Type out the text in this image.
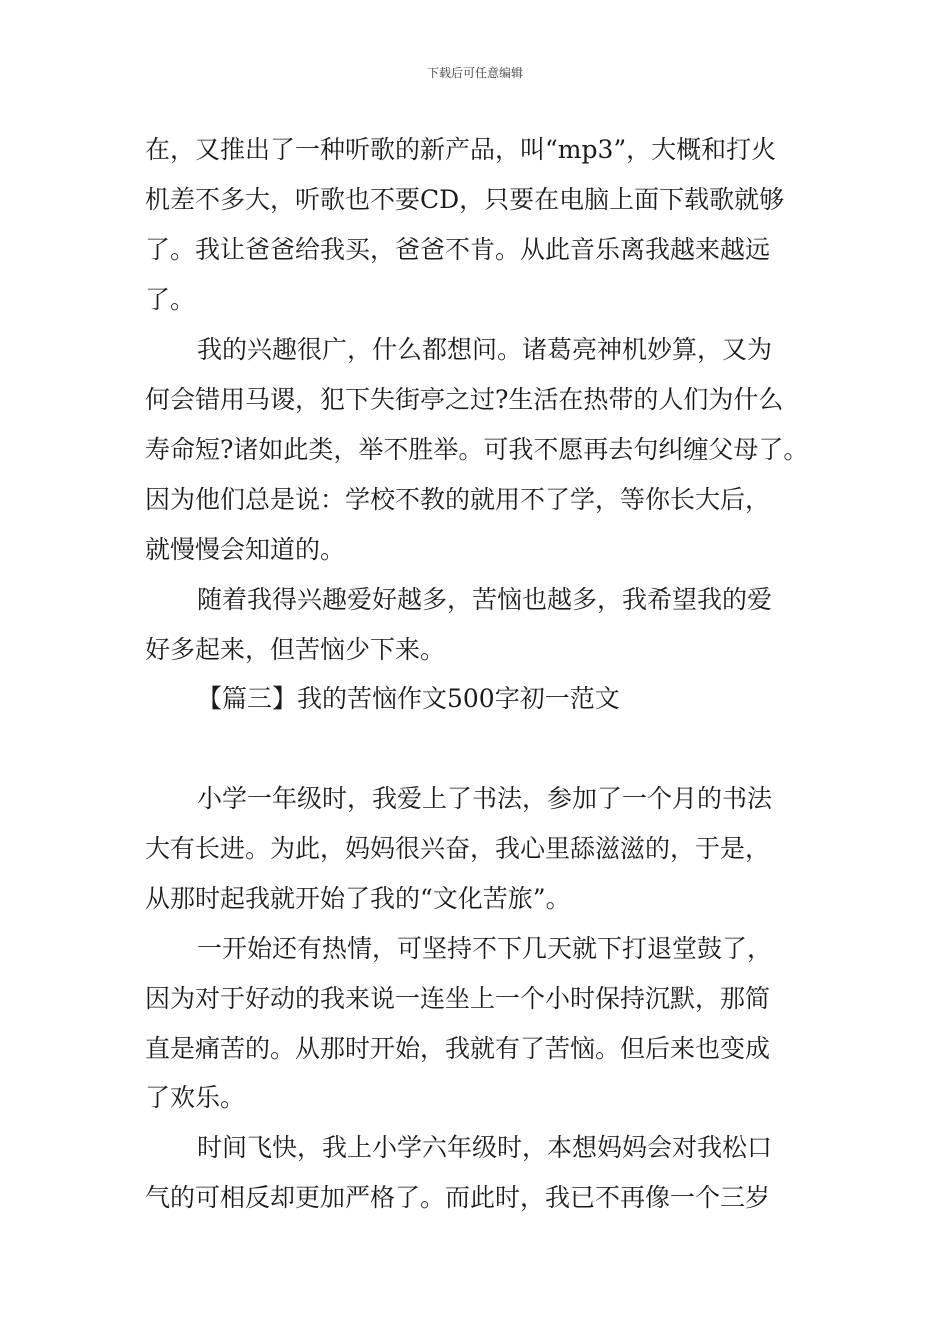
下载后可任意编辑
在，又推出了一种听歌的新产品，叫“mp3”，大概和打火
机差不多大，听歌也不要CD，只要在电脑上面下载歌就够
了。我让爸爸给我买，爸爸不肯。从此音乐离我越来越远
了。
我的兴趣很广，什么都想问。诸葛亮神机妙算，又为
何会错用马谡，犯下失街亭之过?生活在热带的人们为什么
寿命短?诸如此类，举不胜举。可我不愿再去句纠缠父母了。
因为他们总是说：学校不教的就用不了学，等你长大后，
就慢慢会知道的。
随着我得兴趣爱好越多，苦恼也越多，我希望我的爱
好多起来，但苦恼少下来。
【篇三】我的苦恼作文500字初一范文
小学一年级时，我爱上了书法，参加了一个月的书法
大有长进。为此，妈妈很兴奋，我心里舔滋滋的，于是，
从那时起我就开始了我的“文化苦旅”。
一开始还有热情，可坚持不下几天就下打退堂鼓了，
因为对于好动的我来说一连坐上一个小时保持沉默，那简
直是痛苦的。从那时开始，我就有了苦恼。但后来也变成
了欢乐。
时间飞快，我上小学六年级时，本想妈妈会对我松口
气的可相反却更加严格了。而此时，我已不再像一个三岁
